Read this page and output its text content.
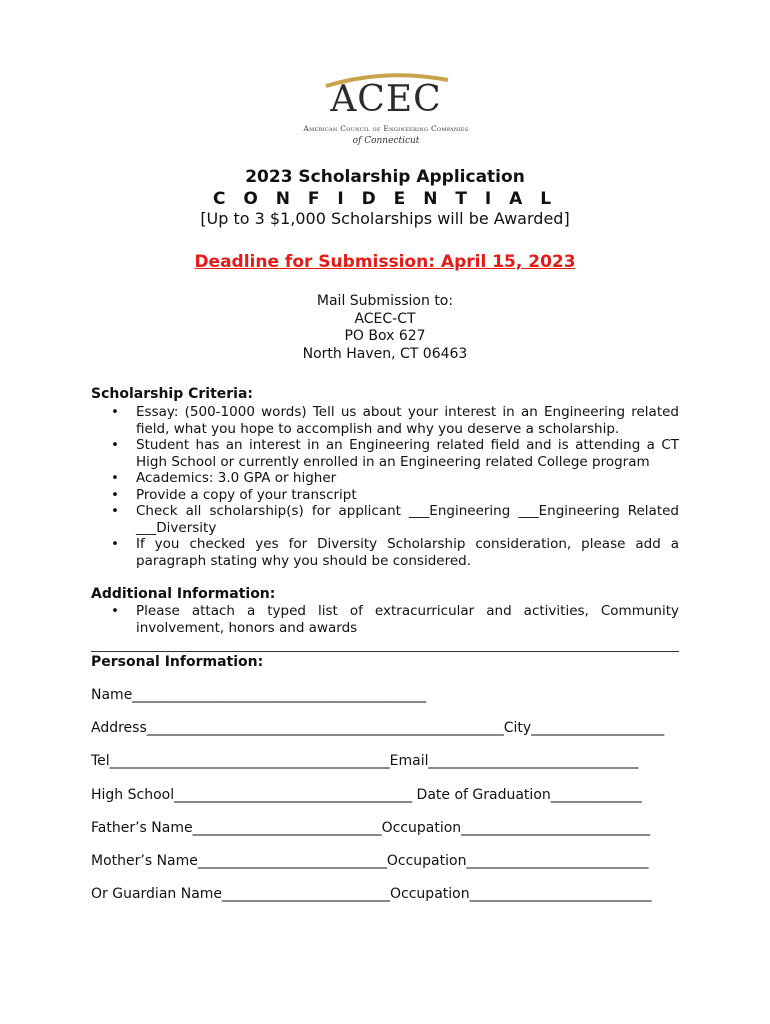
ACEC
American Council of Engineering Companies
of Connecticut
2023 Scholarship Application
C O N F I D E N T I A L
[Up to 3 $1,000 Scholarships will be Awarded]
Deadline for Submission: April 15, 2023
Mail Submission to:
ACEC-CT
PO Box 627
North Haven, CT 06463
Scholarship Criteria:
• Essay: (500-1000 words) Tell us about your interest in an Engineering related field, what you hope to accomplish and why you deserve a scholarship.
• Student has an interest in an Engineering related field and is attending a CT High School or currently enrolled in an Engineering related College program
• Academics: 3.0 GPA or higher
• Provide a copy of your transcript
• Check all scholarship(s) for applicant ___Engineering ___Engineering Related ___Diversity
• If you checked yes for Diversity Scholarship consideration, please add a paragraph stating why you should be considered.
Additional Information:
• Please attach a typed list of extracurricular and activities, Community involvement, honors and awards
Personal Information:
Name__________________________________________
Address___________________________________________________City___________________
Tel________________________________________Email______________________________
High School__________________________________ Date of Graduation_____________
Father’s Name___________________________Occupation___________________________
Mother’s Name___________________________Occupation__________________________
Or Guardian Name________________________Occupation__________________________
